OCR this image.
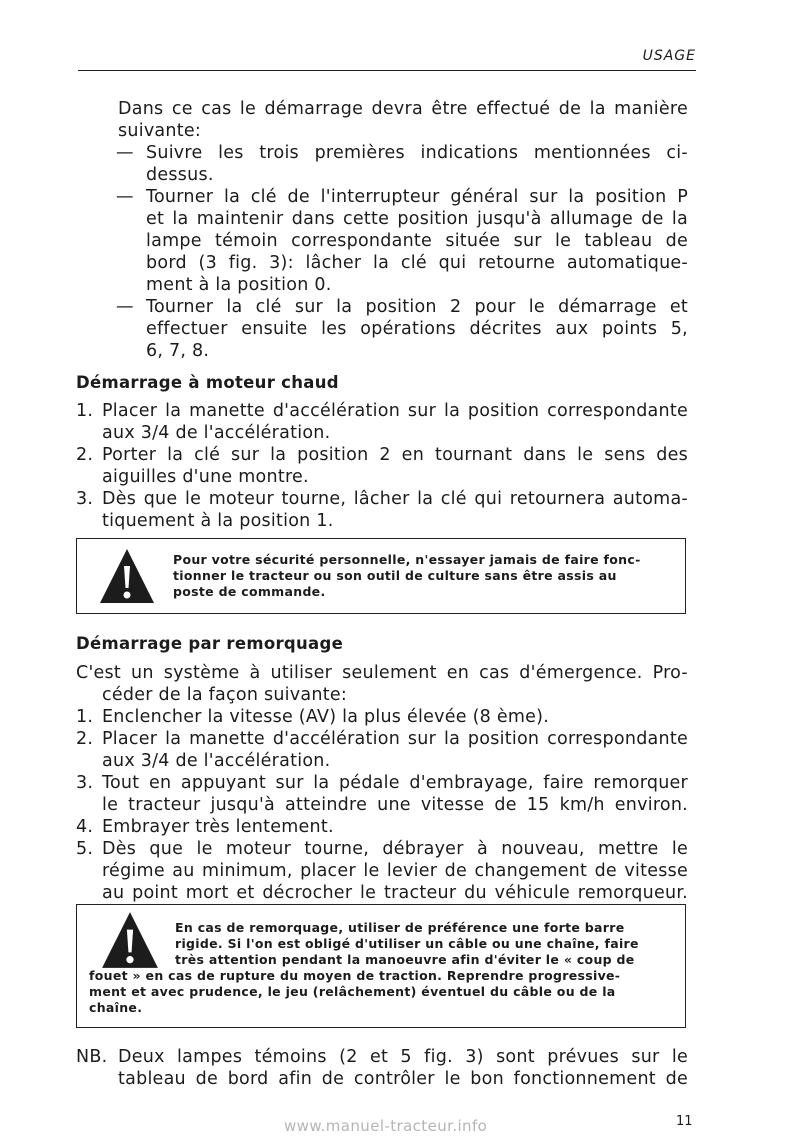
USAGE
Dans ce cas le démarrage devra être effectué de la manière
suivante:
— Suivre les trois premières indications mentionnées ci-
dessus.
— Tourner la clé de l'interrupteur général sur la position P
et la maintenir dans cette position jusqu'à allumage de la
lampe témoin correspondante située sur le tableau de
bord (3 fig. 3): lâcher la clé qui retourne automatique-
ment à la position 0.
— Tourner la clé sur la position 2 pour le démarrage et
effectuer ensuite les opérations décrites aux points 5,
6, 7, 8.
Démarrage à moteur chaud
1. Placer la manette d'accélération sur la position correspondante
aux 3/4 de l'accélération.
2. Porter la clé sur la position 2 en tournant dans le sens des
aiguilles d'une montre.
3. Dès que le moteur tourne, lâcher la clé qui retournera automa-
tiquement à la position 1.
Pour votre sécurité personnelle, n'essayer jamais de faire fonc-
tionner le tracteur ou son outil de culture sans être assis au
poste de commande.
Démarrage par remorquage
C'est un système à utiliser seulement en cas d'émergence. Pro-
céder de la façon suivante:
1. Enclencher la vitesse (AV) la plus élevée (8 ème).
2. Placer la manette d'accélération sur la position correspondante
aux 3/4 de l'accélération.
3. Tout en appuyant sur la pédale d'embrayage, faire remorquer
le tracteur jusqu'à atteindre une vitesse de 15 km/h environ.
4. Embrayer très lentement.
5. Dès que le moteur tourne, débrayer à nouveau, mettre le
régime au minimum, placer le levier de changement de vitesse
au point mort et décrocher le tracteur du véhicule remorqueur.
En cas de remorquage, utiliser de préférence une forte barre
rigide. Si l'on est obligé d'utiliser un câble ou une chaîne, faire
très attention pendant la manoeuvre afin d'éviter le « coup de
fouet » en cas de rupture du moyen de traction. Reprendre progressive-
ment et avec prudence, le jeu (relâchement) éventuel du câble ou de la
chaîne.
NB. Deux lampes témoins (2 et 5 fig. 3) sont prévues sur le
tableau de bord afin de contrôler le bon fonctionnement de
www.manuel-tracteur.info	11
